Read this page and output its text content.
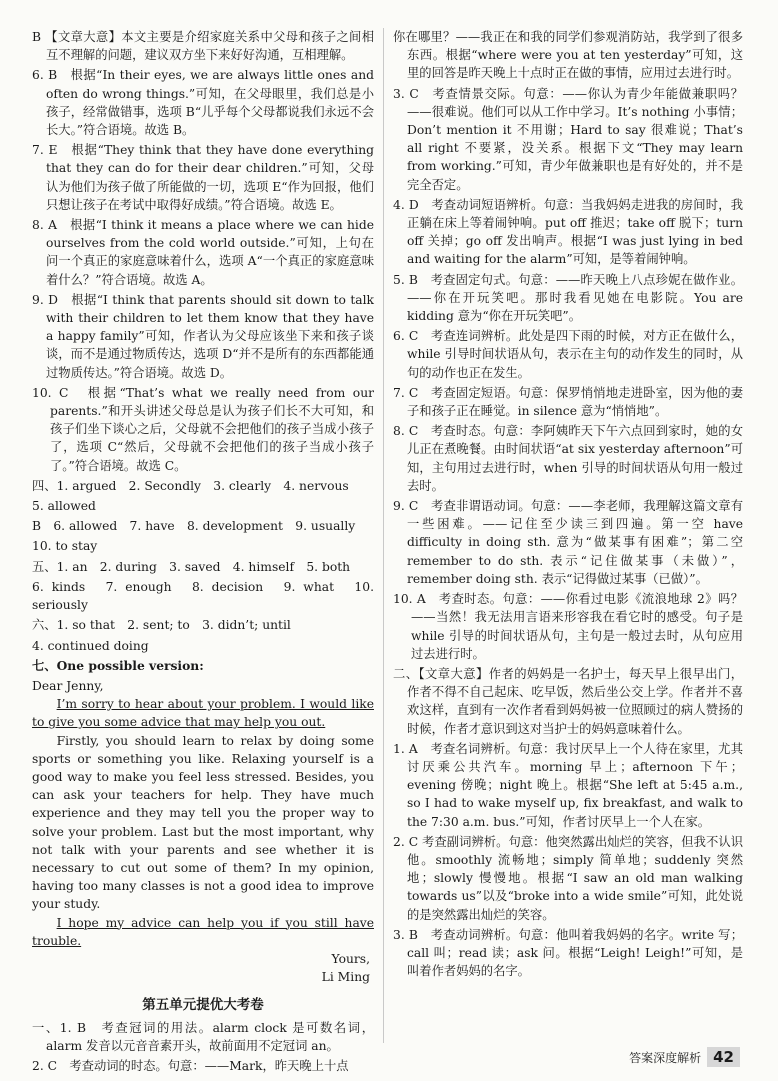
B 【文章大意】本文主要是介绍家庭关系中父母和孩子之间相互不理解的问题，建议双方坐下来好好沟通，互相理解。

6. B　根据“In their eyes, we are always little ones and often do wrong things.”可知，在父母眼里，我们总是小孩子，经常做错事，选项 B“儿乎每个父母都说我们永远不会长大。”符合语境。故选 B。

7. E　根据“They think that they have done everything that they can do for their dear children.”可知，父母认为他们为孩子做了所能做的一切，选项 E“作为回报，他们只想让孩子在考试中取得好成绩。”符合语境。故选 E。

8. A　根据“I think it means a place where we can hide ourselves from the cold world outside.”可知，上句在问一个真正的家庭意味着什么，选项 A“一个真正的家庭意味着什么？”符合语境。故选 A。

9. D　根据“I think that parents should sit down to talk with their children to let them know that they have a happy family”可知，作者认为父母应该坐下来和孩子谈谈，而不是通过物质传达，选项 D“并不是所有的东西都能通过物质传达。”符合语境。故选 D。

10. C　根据“That’s what we really need from our parents.”和开头讲述父母总是认为孩子们长不大可知，和孩子们坐下谈心之后，父母就不会把他们的孩子当成小孩子了，选项 C“然后，父母就不会把他们的孩子当成小孩子了。”符合语境。故选 C。

四、1. argued　2. Secondly　3. clearly　4. nervous

5. allowed

B　6. allowed　7. have　8. development　9. usually

10. to stay

五、1. an　2. during　3. saved　4. himself　5. both

6. kinds　7. enough　8. decision　9. what　10. seriously

六、1. so that　2. sent; to　3. didn’t; until

4. continued doing

七、One possible version:

Dear Jenny,

I’m sorry to hear about your problem. I would like to give you some advice that may help you out.

Firstly, you should learn to relax by doing some sports or something you like. Relaxing yourself is a good way to make you feel less stressed. Besides, you can ask your teachers for help. They have much experience and they may tell you the proper way to solve your problem. Last but the most important, why not talk with your parents and see whether it is necessary to cut out some of them? In my opinion, having too many classes is not a good idea to improve your study.

I hope my advice can help you if you still have trouble.

Yours,

Li Ming

第五单元提优大考卷

一、1. B　考查冠词的用法。alarm clock 是可数名词，alarm 发音以元音音素开头，故前面用不定冠词 an。

2. C　考查动词的时态。句意：——Mark，昨天晚上十点

你在哪里？——我正在和我的同学们参观消防站，我学到了很多东西。根据“where were you at ten yesterday”可知，这里的回答是昨天晚上十点时正在做的事情，应用过去进行时。

3. C　考查情景交际。句意：——你认为青少年能做兼职吗？——很难说。他们可以从工作中学习。It’s nothing 小事情；Don’t mention it 不用谢；Hard to say 很难说；That’s all right 不要紧，没关系。根据下文“They may learn from working.”可知，青少年做兼职也是有好处的，并不是完全否定。

4. D　考查动词短语辨析。句意：当我妈妈走进我的房间时，我正躺在床上等着闹钟响。put off 推迟；take off 脱下；turn off 关掉；go off 发出响声。根据“I was just lying in bed and waiting for the alarm”可知，是等着闹钟响。

5. B　考查固定句式。句意：——昨天晚上八点珍妮在做作业。——你在开玩笑吧。那时我看见她在电影院。You are kidding 意为“你在开玩笑吧”。

6. C　考查连词辨析。此处是四下雨的时候，对方正在做什么，while 引导时间状语从句，表示在主句的动作发生的同时，从句的动作也正在发生。

7. C　考查固定短语。句意：保罗悄悄地走进卧室，因为他的妻子和孩子正在睡觉。in silence 意为“悄悄地”。

8. C　考查时态。句意：李阿姨昨天下午六点回到家时，她的女儿正在煮晚餐。由时间状语“at six yesterday afternoon”可知，主句用过去进行时，when 引导的时间状语从句用一般过去时。

9. C　考查非谓语动词。句意：——李老师，我理解这篇文章有一些困难。——记住至少读三到四遍。第一空 have difficulty in doing sth. 意为“做某事有困难”；第二空 remember to do sth. 表示“记住做某事（未做）”，remember doing sth. 表示“记得做过某事（已做）”。

10. A　考查时态。句意：——你看过电影《流浪地球 2》吗？——当然！我无法用言语来形容我在看它时的感受。句子是 while 引导的时间状语从句，主句是一般过去时，从句应用过去进行时。

二、【文章大意】作者的妈妈是一名护士，每天早上很早出门，作者不得不自己起床、吃早饭，然后坐公交上学。作者并不喜欢这样，直到有一次作者看到妈妈被一位照顾过的病人赞扬的时候，作者才意识到这对当护士的妈妈意味着什么。

1. A　考查名词辨析。句意：我讨厌早上一个人待在家里，尤其讨厌乘公共汽车。morning 早上；afternoon 下午；evening 傍晚；night 晚上。根据“She left at 5:45 a.m., so I had to wake myself up, fix breakfast, and walk to the 7:30 a.m. bus.”可知，作者讨厌早上一个人在家。

2. C 考查副词辨析。句意：他突然露出灿烂的笑容，但我不认识他。smoothly 流畅地；simply 简单地；suddenly 突然地；slowly 慢慢地。根据“I saw an old man walking towards us”以及“broke into a wide smile”可知，此处说的是突然露出灿烂的笑容。

3. B　考查动词辨析。句意：他叫着我妈妈的名字。write 写；call 叫；read 读；ask 问。根据“Leigh! Leigh!”可知，是叫着作者妈妈的名字。

答案深度解析 42
